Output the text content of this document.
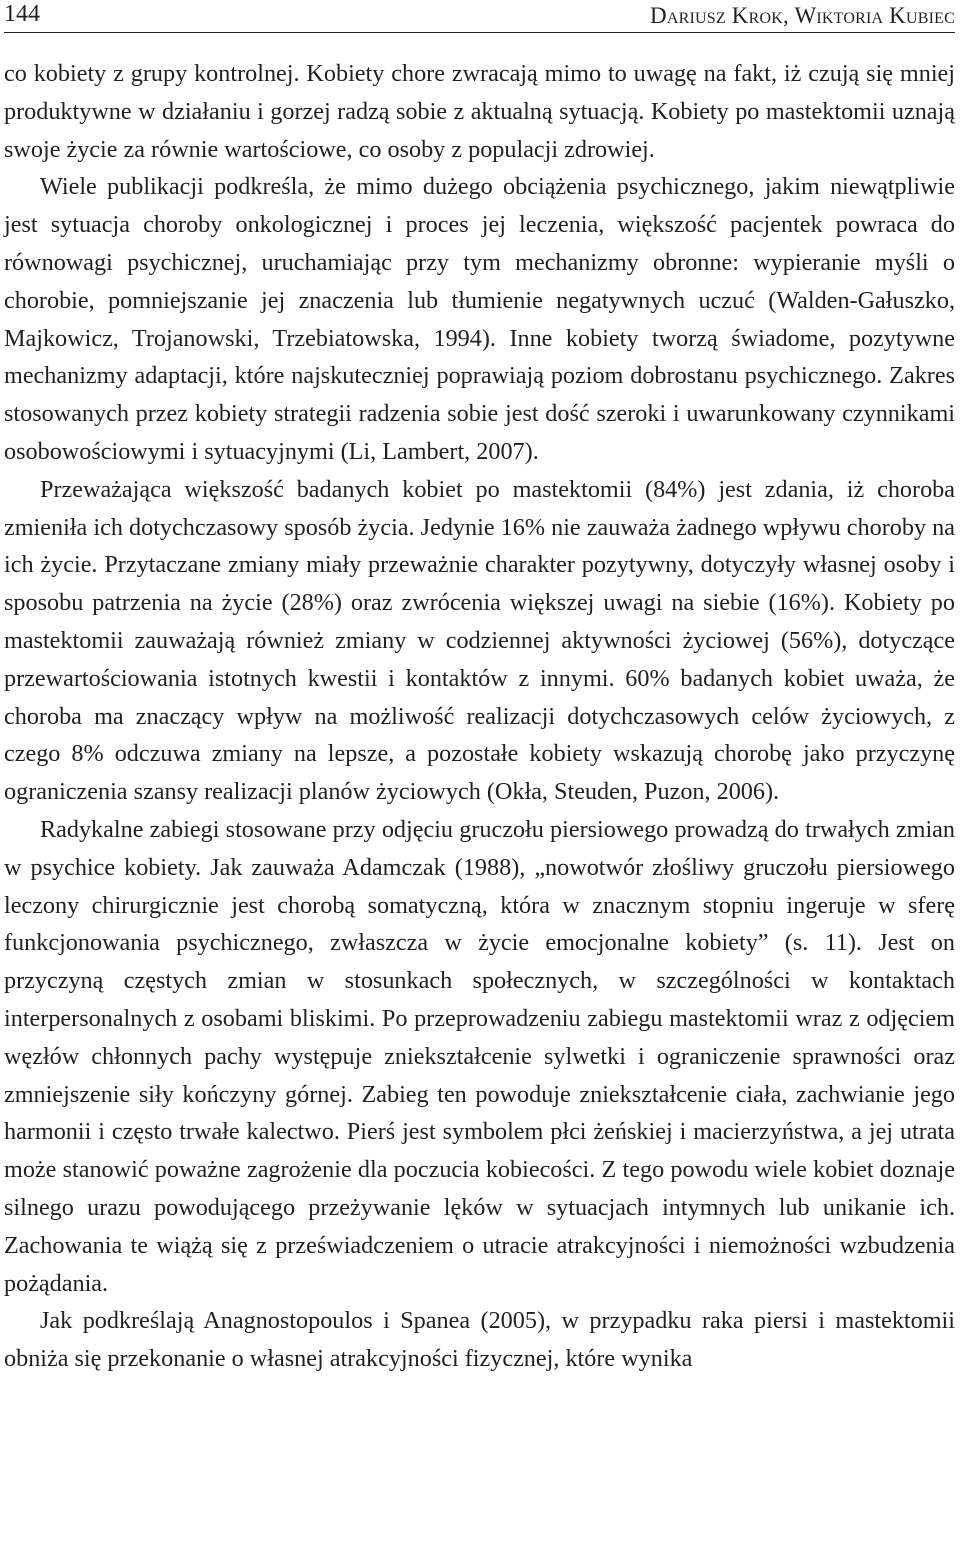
144	Dariusz Krok, Wiktoria Kubiec

co kobiety z grupy kontrolnej. Kobiety chore zwracają mimo to uwagę na fakt, iż czują się mniej produktywne w działaniu i gorzej radzą sobie z aktualną sytuacją. Kobiety po mastektomii uznają swoje życie za równie wartościowe, co osoby z populacji zdrowiej.

Wiele publikacji podkreśla, że mimo dużego obciążenia psychicznego, jakim niewątpliwie jest sytuacja choroby onkologicznej i proces jej leczenia, większość pacjentek powraca do równowagi psychicznej, uruchamiając przy tym mechanizmy obronne: wypieranie myśli o chorobie, pomniejszanie jej znaczenia lub tłumienie negatywnych uczuć (Walden-Gałuszko, Majkowicz, Trojanowski, Trzebiatowska, 1994). Inne kobiety tworzą świadome, pozytywne mechanizmy adaptacji, które najskuteczniej poprawiają poziom dobrostanu psychicznego. Zakres stosowanych przez kobiety strategii radzenia sobie jest dość szeroki i uwarunkowany czynnikami osobowościowymi i sytuacyjnymi (Li, Lambert, 2007).

Przeważająca większość badanych kobiet po mastektomii (84%) jest zdania, iż choroba zmieniła ich dotychczasowy sposób życia. Jedynie 16% nie zauważa żadnego wpływu choroby na ich życie. Przytaczane zmiany miały przeważnie charakter pozytywny, dotyczyły własnej osoby i sposobu patrzenia na życie (28%) oraz zwrócenia większej uwagi na siebie (16%). Kobiety po mastektomii zauważają również zmiany w codziennej aktywności życiowej (56%), dotyczące przewartościowania istotnych kwestii i kontaktów z innymi. 60% badanych kobiet uważa, że choroba ma znaczący wpływ na możliwość realizacji dotychczasowych celów życiowych, z czego 8% odczuwa zmiany na lepsze, a pozostałe kobiety wskazują chorobę jako przyczynę ograniczenia szansy realizacji planów życiowych (Okła, Steuden, Puzon, 2006).

Radykalne zabiegi stosowane przy odjęciu gruczołu piersiowego prowadzą do trwałych zmian w psychice kobiety. Jak zauważa Adamczak (1988), „nowotwór złośliwy gruczołu piersiowego leczony chirurgicznie jest chorobą somatyczną, która w znacznym stopniu ingeruje w sferę funkcjonowania psychicznego, zwłaszcza w życie emocjonalne kobiety” (s. 11). Jest on przyczyną częstych zmian w stosunkach społecznych, w szczególności w kontaktach interpersonalnych z osobami bliskimi. Po przeprowadzeniu zabiegu mastektomii wraz z odjęciem węzłów chłonnych pachy występuje zniekształcenie sylwetki i ograniczenie sprawności oraz zmniejszenie siły kończyny górnej. Zabieg ten powoduje zniekształcenie ciała, zachwianie jego harmonii i często trwałe kalectwo. Pierś jest symbolem płci żeńskiej i macierzyństwa, a jej utrata może stanowić poważne zagrożenie dla poczucia kobiecości. Z tego powodu wiele kobiet doznaje silnego urazu powodującego przeżywanie lęków w sytuacjach intymnych lub unikanie ich. Zachowania te wiążą się z przeświadczeniem o utracie atrakcyjności i niemożności wzbudzenia pożądania.

Jak podkreślają Anagnostopoulos i Spanea (2005), w przypadku raka piersi i mastektomii obniża się przekonanie o własnej atrakcyjności fizycznej, które wynika
